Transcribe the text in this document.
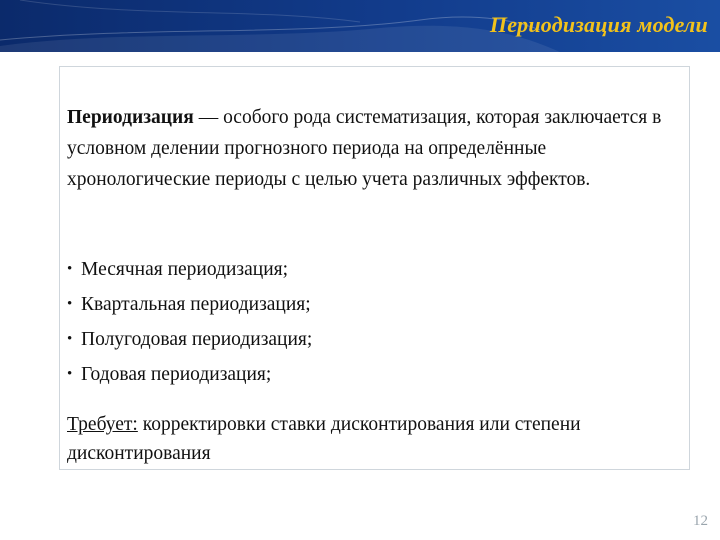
Периодизация модели
Периодизация — особого рода систематизация, которая заключается в условном делении прогнозного периода на определённые хронологические периоды с целью учета различных эффектов.
• Месячная периодизация;
• Квартальная периодизация;
• Полугодовая периодизация;
• Годовая периодизация;
Требует: корректировки ставки дисконтирования или степени дисконтирования
12
